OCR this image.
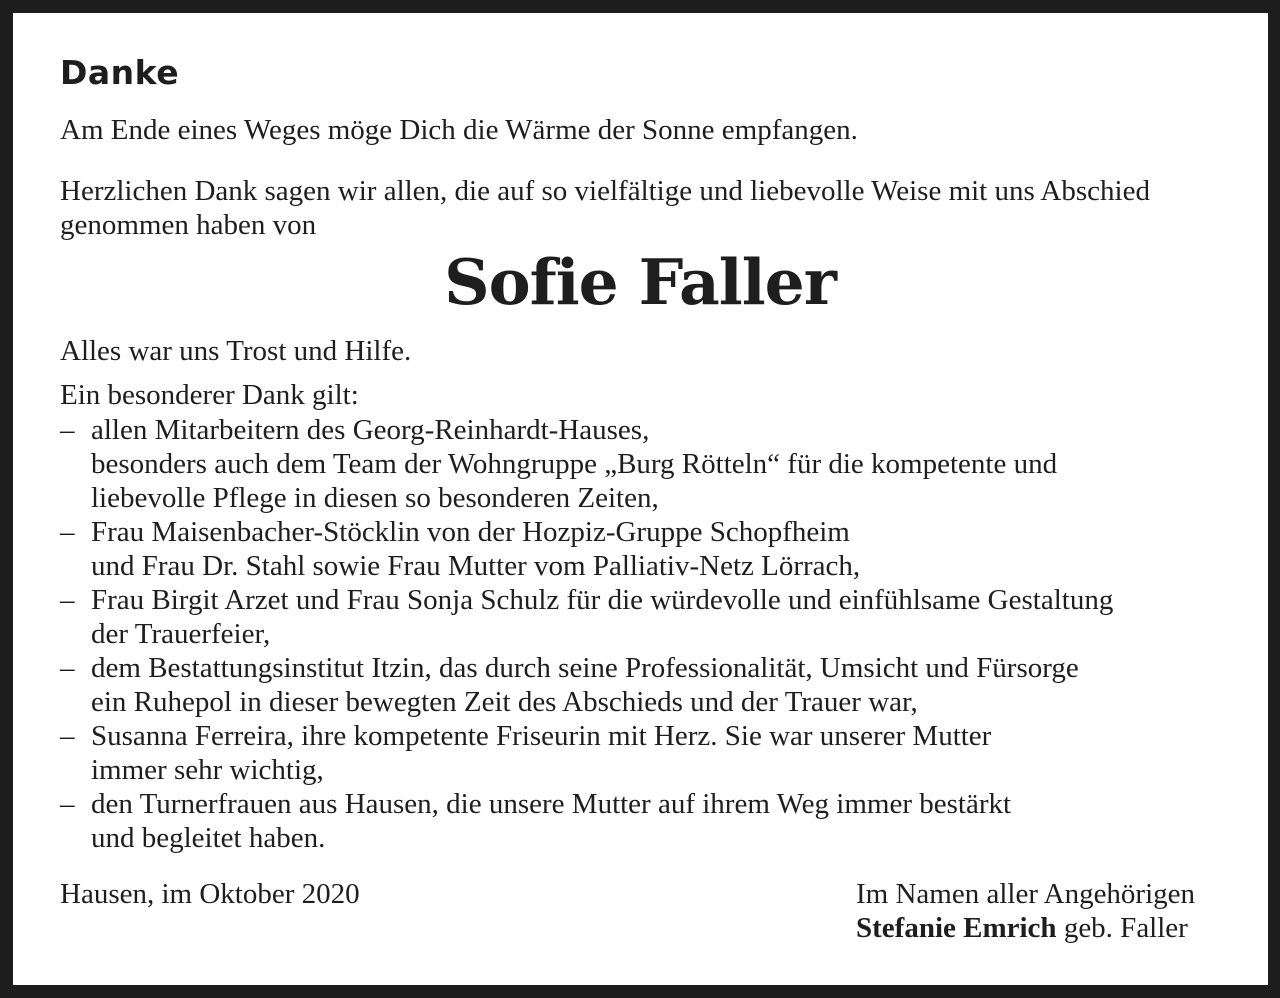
Danke

Am Ende eines Weges möge Dich die Wärme der Sonne empfangen.

Herzlichen Dank sagen wir allen, die auf so vielfältige und liebevolle Weise mit uns Abschied

genommen haben von

Sofie Faller

Alles war uns Trost und Hilfe.

Ein besonderer Dank gilt:

– allen Mitarbeitern des Georg-Reinhardt-Hauses,
besonders auch dem Team der Wohngruppe „Burg Rötteln“ für die kompetente und
liebevolle Pflege in diesen so besonderen Zeiten,
– Frau Maisenbacher-Stöcklin von der Hozpiz-Gruppe Schopfheim
und Frau Dr. Stahl sowie Frau Mutter vom Palliativ-Netz Lörrach,
– Frau Birgit Arzet und Frau Sonja Schulz für die würdevolle und einfühlsame Gestaltung
der Trauerfeier,
– dem Bestattungsinstitut Itzin, das durch seine Professionalität, Umsicht und Fürsorge
ein Ruhepol in dieser bewegten Zeit des Abschieds und der Trauer war,
– Susanna Ferreira, ihre kompetente Friseurin mit Herz. Sie war unserer Mutter
immer sehr wichtig,
– den Turnerfrauen aus Hausen, die unsere Mutter auf ihrem Weg immer bestärkt
und begleitet haben.

Hausen, im Oktober 2020	Im Namen aller Angehörigen
Stefanie Emrich geb. Faller
